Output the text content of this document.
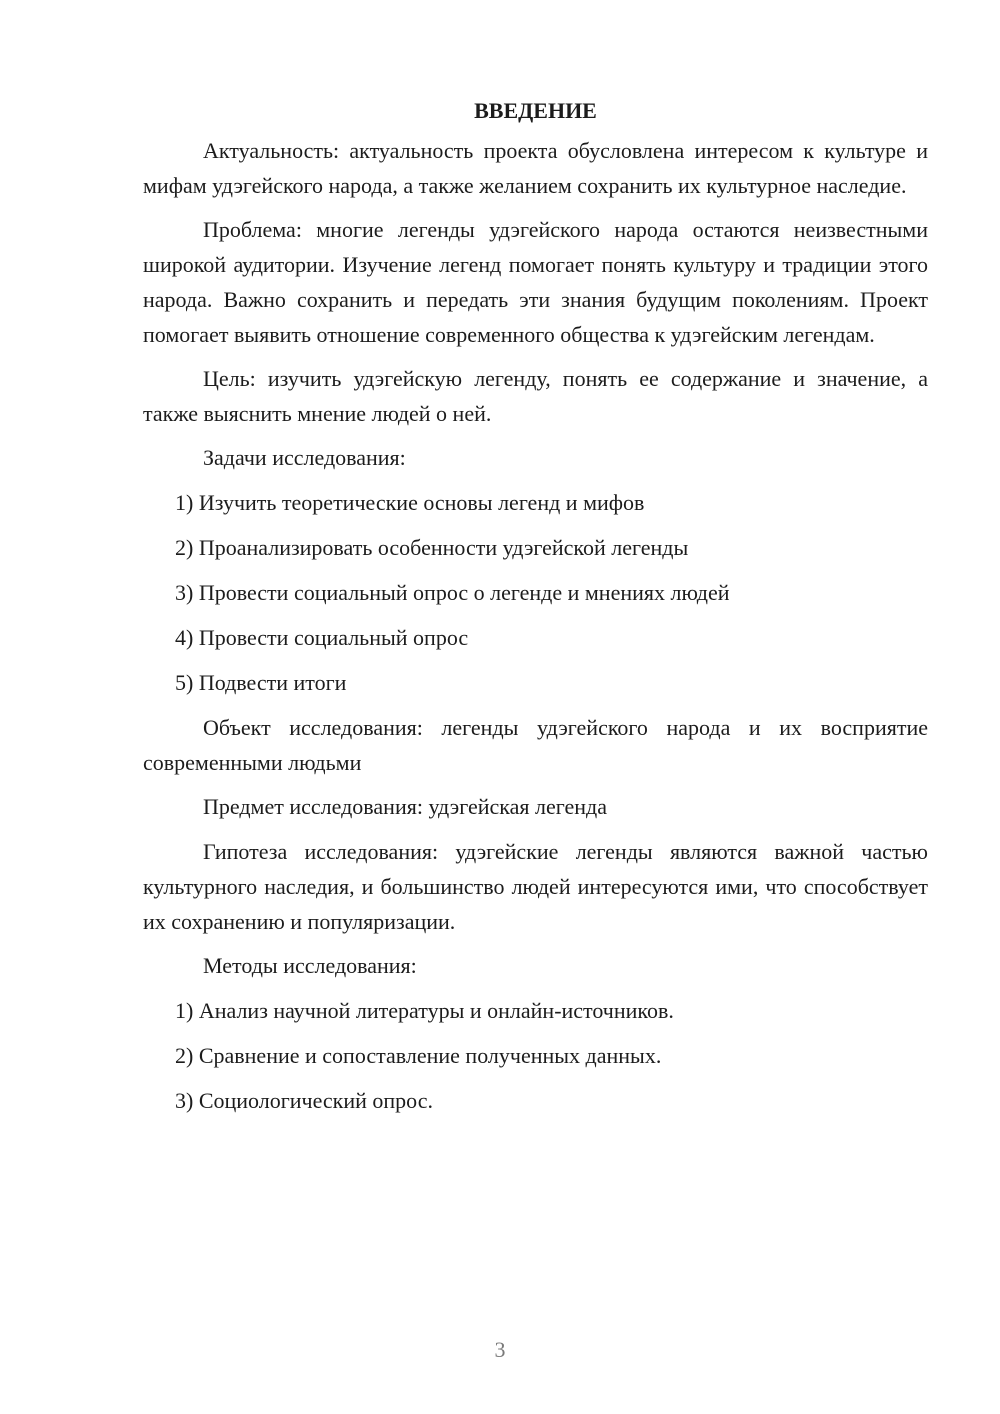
ВВЕДЕНИЕ
Актуальность: актуальность проекта обусловлена интересом к культуре и мифам удэгейского народа, а также желанием сохранить их культурное наследие.
Проблема: многие легенды удэгейского народа остаются неизвестными широкой аудитории. Изучение легенд помогает понять культуру и традиции этого народа. Важно сохранить и передать эти знания будущим поколениям. Проект помогает выявить отношение современного общества к удэгейским легендам.
Цель: изучить удэгейскую легенду, понять ее содержание и значение, а также выяснить мнение людей о ней.
Задачи исследования:
1) Изучить теоретические основы легенд и мифов
2) Проанализировать особенности удэгейской легенды
3) Провести социальный опрос о легенде и мнениях людей
4) Провести социальный опрос
5) Подвести итоги
Объект исследования: легенды удэгейского народа и их восприятие современными людьми
Предмет исследования: удэгейская легенда
Гипотеза исследования: удэгейские легенды являются важной частью культурного наследия, и большинство людей интересуются ими, что способствует их сохранению и популяризации.
Методы исследования:
1) Анализ научной литературы и онлайн-источников.
2) Сравнение и сопоставление полученных данных.
3) Социологический опрос.
3
